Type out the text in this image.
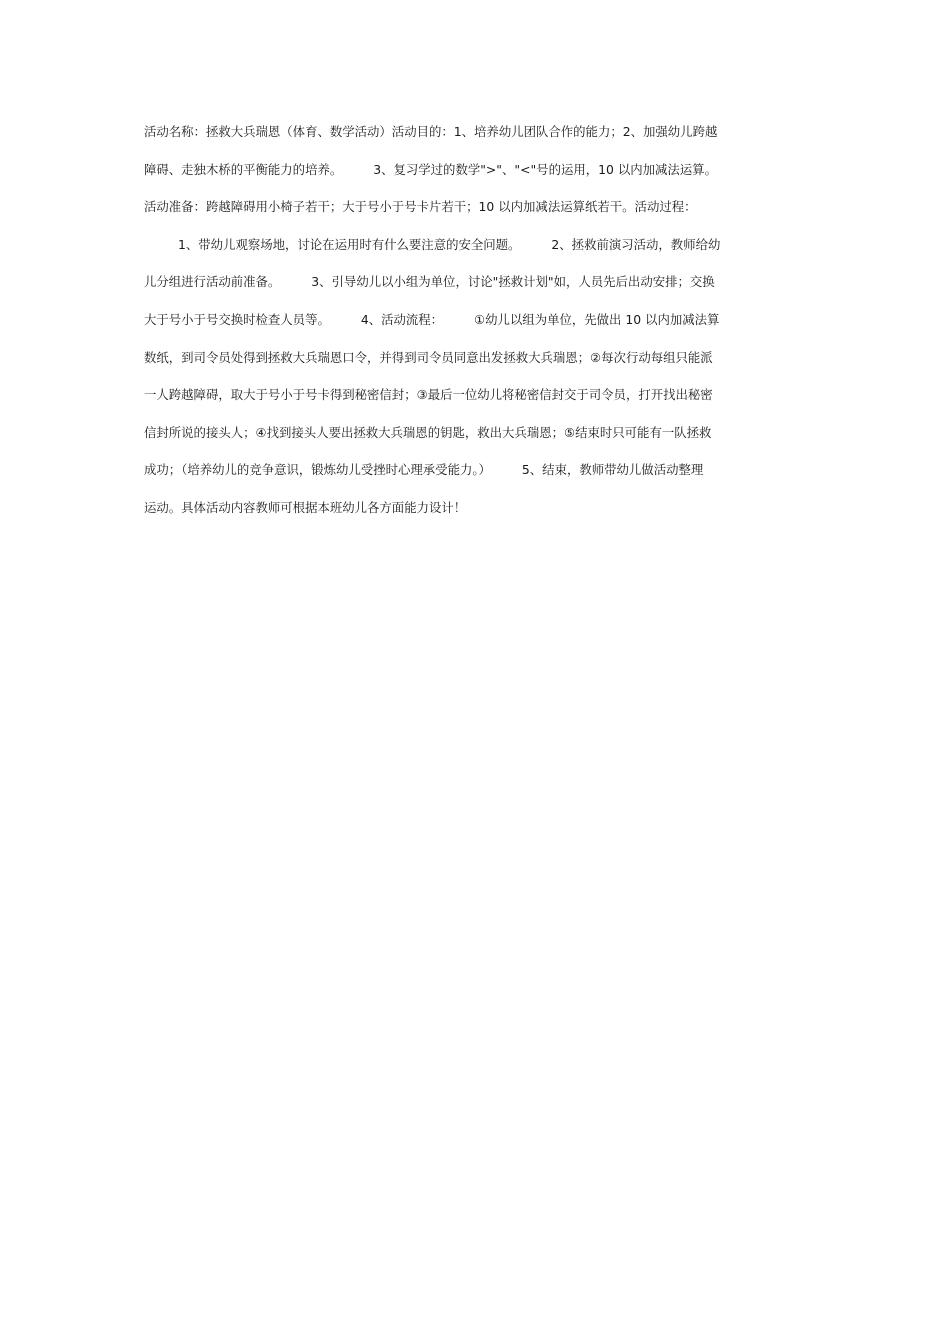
活动名称：拯救大兵瑞恩（体育、数学活动）活动目的：1、培养幼儿团队合作的能力；2、加强幼儿跨越
障碍、走独木桥的平衡能力的培养。　　　3、复习学过的数学">"、"<"号的运用，10 以内加减法运算。
活动准备：跨越障碍用小椅子若干；大于号小于号卡片若干；10 以内加减法运算纸若干。活动过程：
1、带幼儿观察场地，讨论在运用时有什么要注意的安全问题。　　　2、拯救前演习活动，教师给幼
儿分组进行活动前准备。　　　3、引导幼儿以小组为单位，讨论"拯救计划"如，人员先后出动安排；交换
大于号小于号交换时检查人员等。　　　4、活动流程：　　　①幼儿以组为单位，先做出 10 以内加减法算
数纸，到司令员处得到拯救大兵瑞恩口令，并得到司令员同意出发拯救大兵瑞恩；②每次行动每组只能派
一人跨越障碍，取大于号小于号卡得到秘密信封；③最后一位幼儿将秘密信封交于司令员，打开找出秘密
信封所说的接头人；④找到接头人要出拯救大兵瑞恩的钥匙，救出大兵瑞恩；⑤结束时只可能有一队拯救
成功；（培养幼儿的竞争意识，锻炼幼儿受挫时心理承受能力。）　　　5、结束，教师带幼儿做活动整理
运动。具体活动内容教师可根据本班幼儿各方面能力设计！
